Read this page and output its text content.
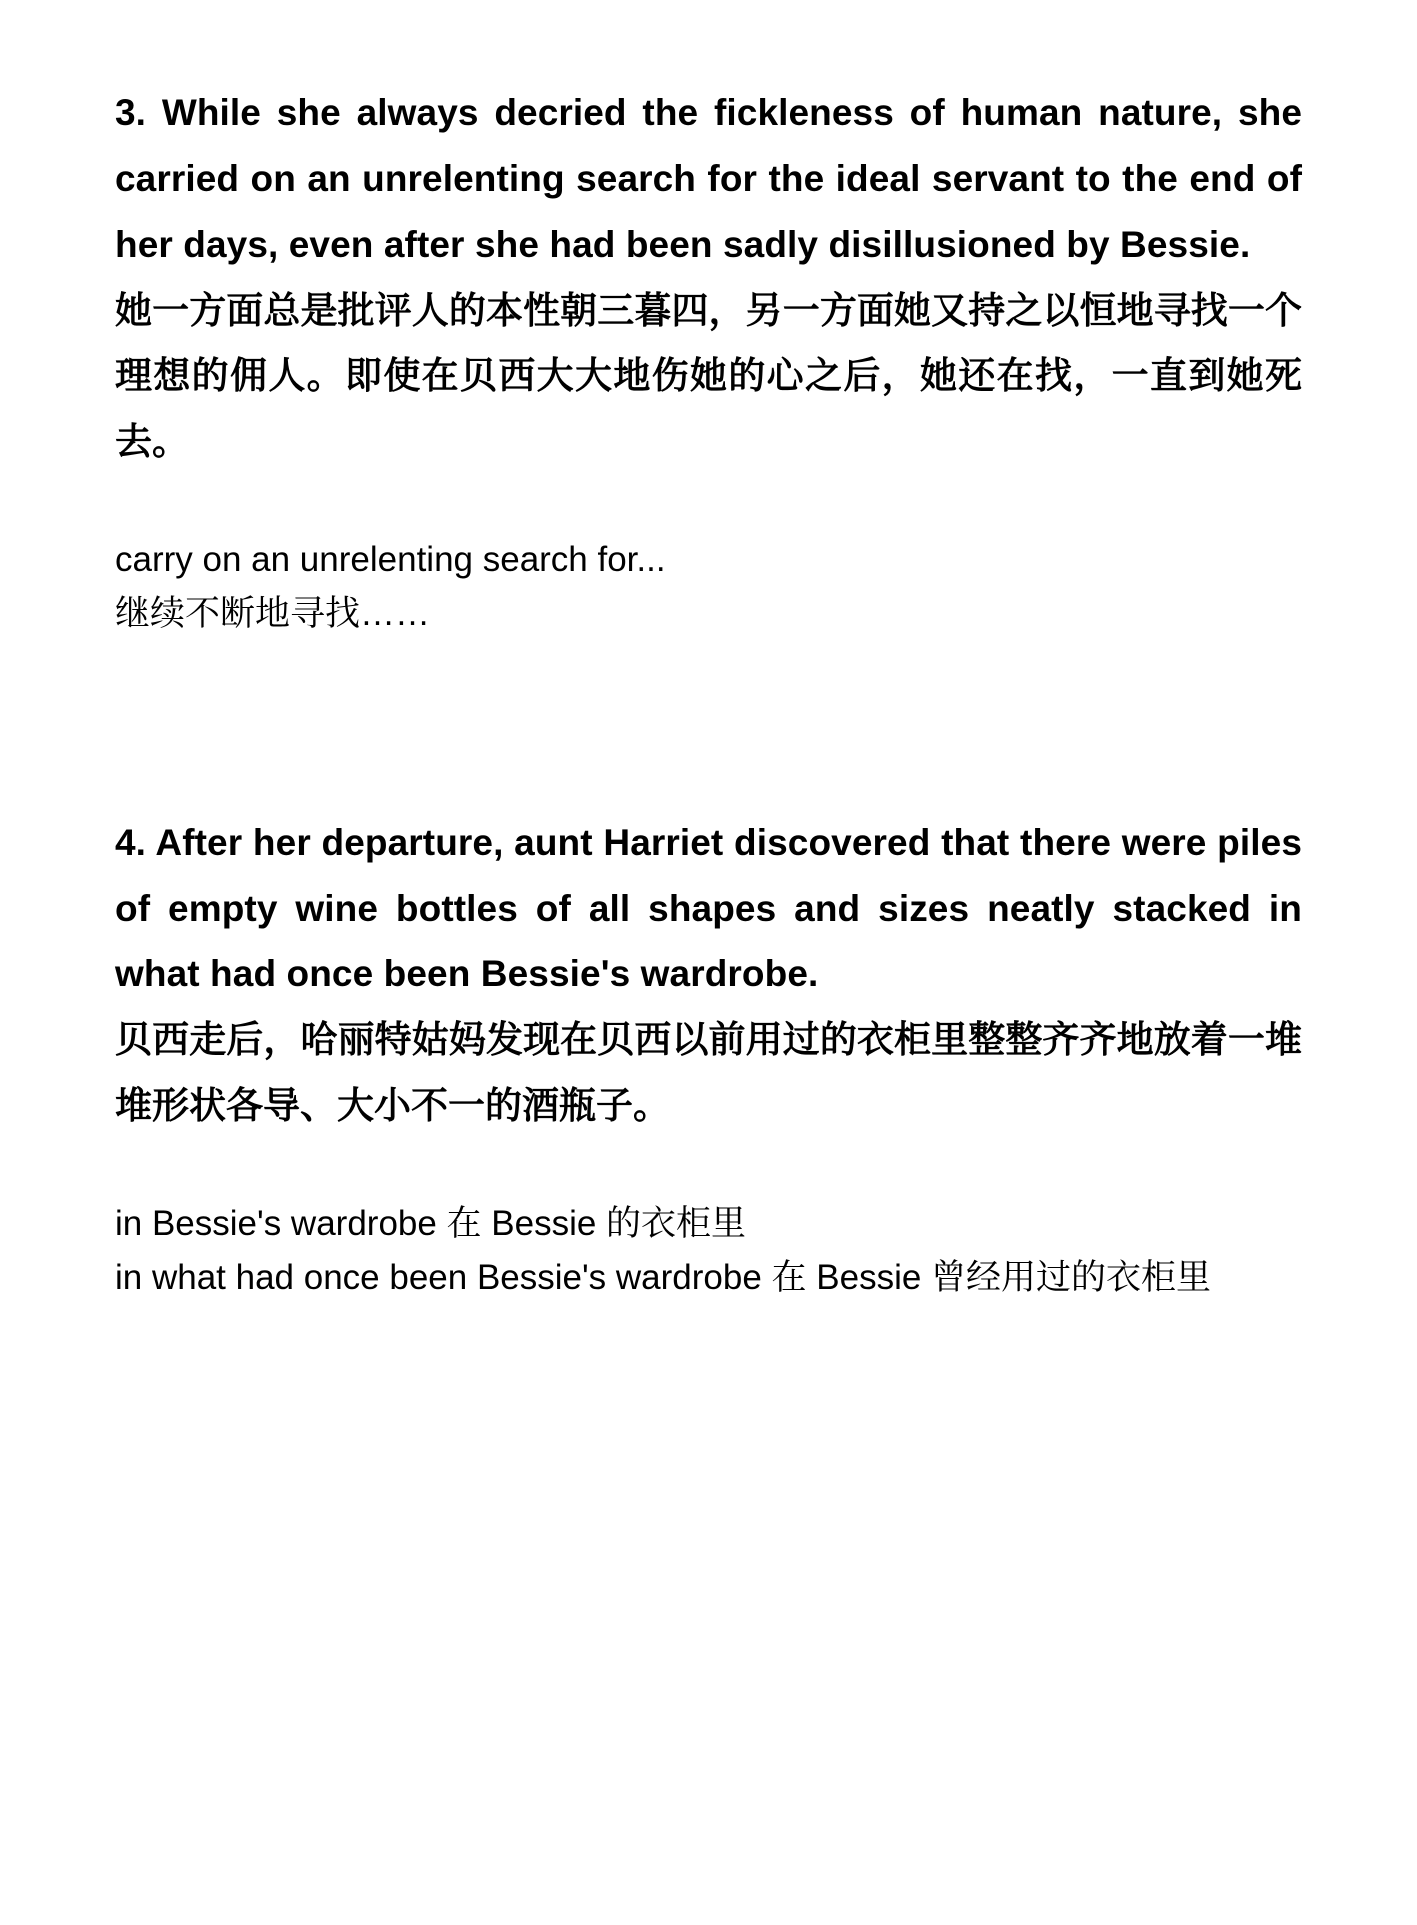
3. While she always decried the fickleness of human nature, she carried on an unrelenting search for the ideal servant to the end of her days, even after she had been sadly disillusioned by Bessie.

她一方面总是批评人的本性朝三暮四，另一方面她又持之以恒地寻找一个理想的佣人。即使在贝西大大地伤她的心之后，她还在找，一直到她死去。

carry on an unrelenting search for...

继续不断地寻找……

4. After her departure, aunt Harriet discovered that there were piles of empty wine bottles of all shapes and sizes neatly stacked in what had once been Bessie's wardrobe.

贝西走后，哈丽特姑妈发现在贝西以前用过的衣柜里整整齐齐地放着一堆堆形状各导、大小不一的酒瓶子。

in Bessie's wardrobe 在 Bessie 的衣柜里

in what had once been Bessie's wardrobe 在 Bessie 曾经用过的衣柜里
